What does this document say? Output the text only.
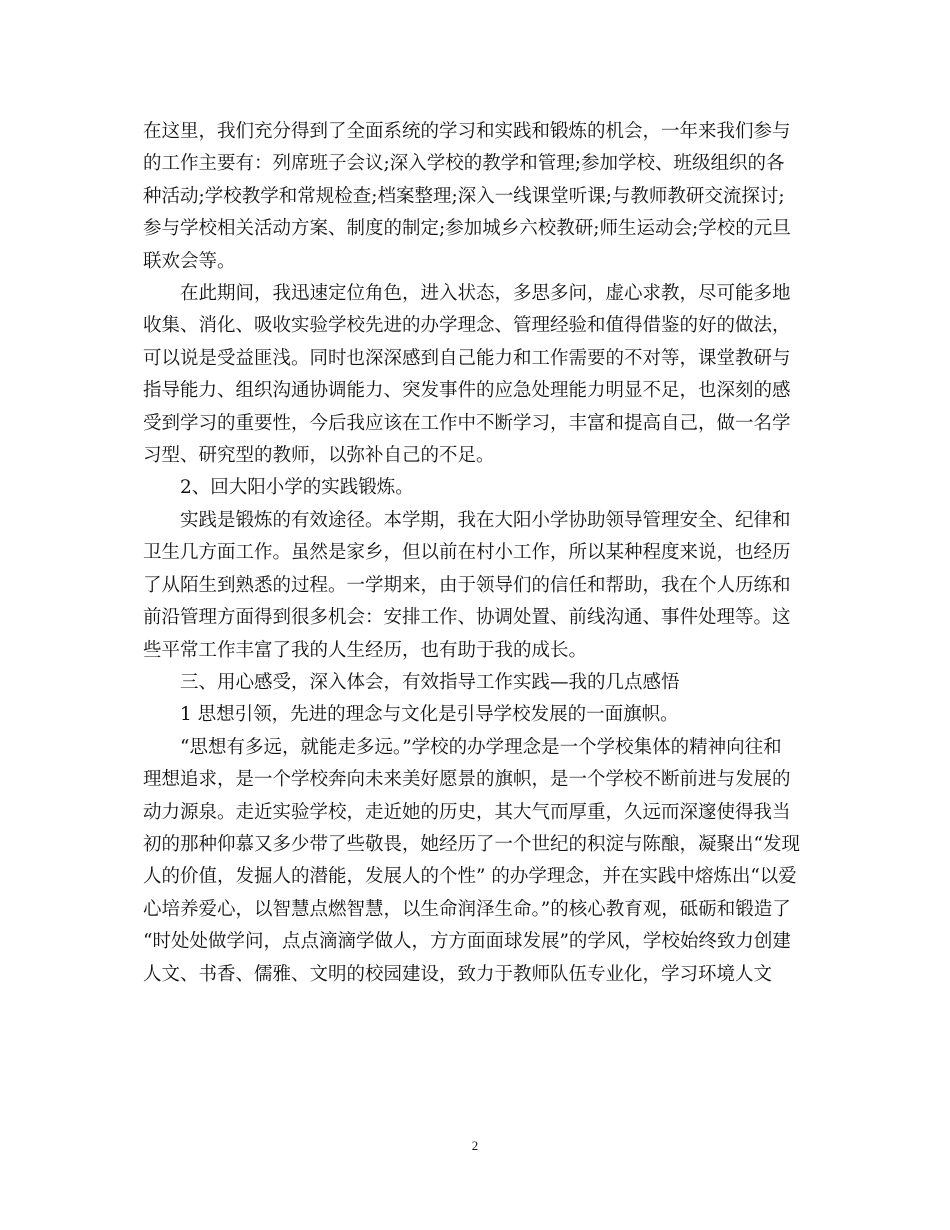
在这里，我们充分得到了全面系统的学习和实践和锻炼的机会，一年来我们参与
的工作主要有：列席班子会议;深入学校的教学和管理;参加学校、班级组织的各
种活动;学校教学和常规检查;档案整理;深入一线课堂听课;与教师教研交流探讨;
参与学校相关活动方案、制度的制定;参加城乡六校教研;师生运动会;学校的元旦
联欢会等。
在此期间，我迅速定位角色，进入状态，多思多问，虚心求教，尽可能多地
收集、消化、吸收实验学校先进的办学理念、管理经验和值得借鉴的好的做法，
可以说是受益匪浅。同时也深深感到自己能力和工作需要的不对等，课堂教研与
指导能力、组织沟通协调能力、突发事件的应急处理能力明显不足，也深刻的感
受到学习的重要性，今后我应该在工作中不断学习，丰富和提高自己，做一名学
习型、研究型的教师，以弥补自己的不足。
2、回大阳小学的实践锻炼。
实践是锻炼的有效途径。本学期，我在大阳小学协助领导管理安全、纪律和
卫生几方面工作。虽然是家乡，但以前在村小工作，所以某种程度来说，也经历
了从陌生到熟悉的过程。一学期来，由于领导们的信任和帮助，我在个人历练和
前沿管理方面得到很多机会：安排工作、协调处置、前线沟通、事件处理等。这
些平常工作丰富了我的人生经历，也有助于我的成长。
三、用心感受，深入体会，有效指导工作实践—我的几点感悟
1 思想引领，先进的理念与文化是引导学校发展的一面旗帜。
“思想有多远，就能走多远。”学校的办学理念是一个学校集体的精神向往和
理想追求，是一个学校奔向未来美好愿景的旗帜，是一个学校不断前进与发展的
动力源泉。走近实验学校，走近她的历史，其大气而厚重，久远而深邃使得我当
初的那种仰慕又多少带了些敬畏，她经历了一个世纪的积淀与陈酿，凝聚出“发现
人的价值，发掘人的潜能，发展人的个性” 的办学理念，并在实践中熔炼出“以爱
心培养爱心，以智慧点燃智慧，以生命润泽生命。”的核心教育观，砥砺和锻造了
“时处处做学问，点点滴滴学做人，方方面面球发展”的学风，学校始终致力创建
人文、书香、儒雅、文明的校园建设，致力于教师队伍专业化，学习环境人文
2
